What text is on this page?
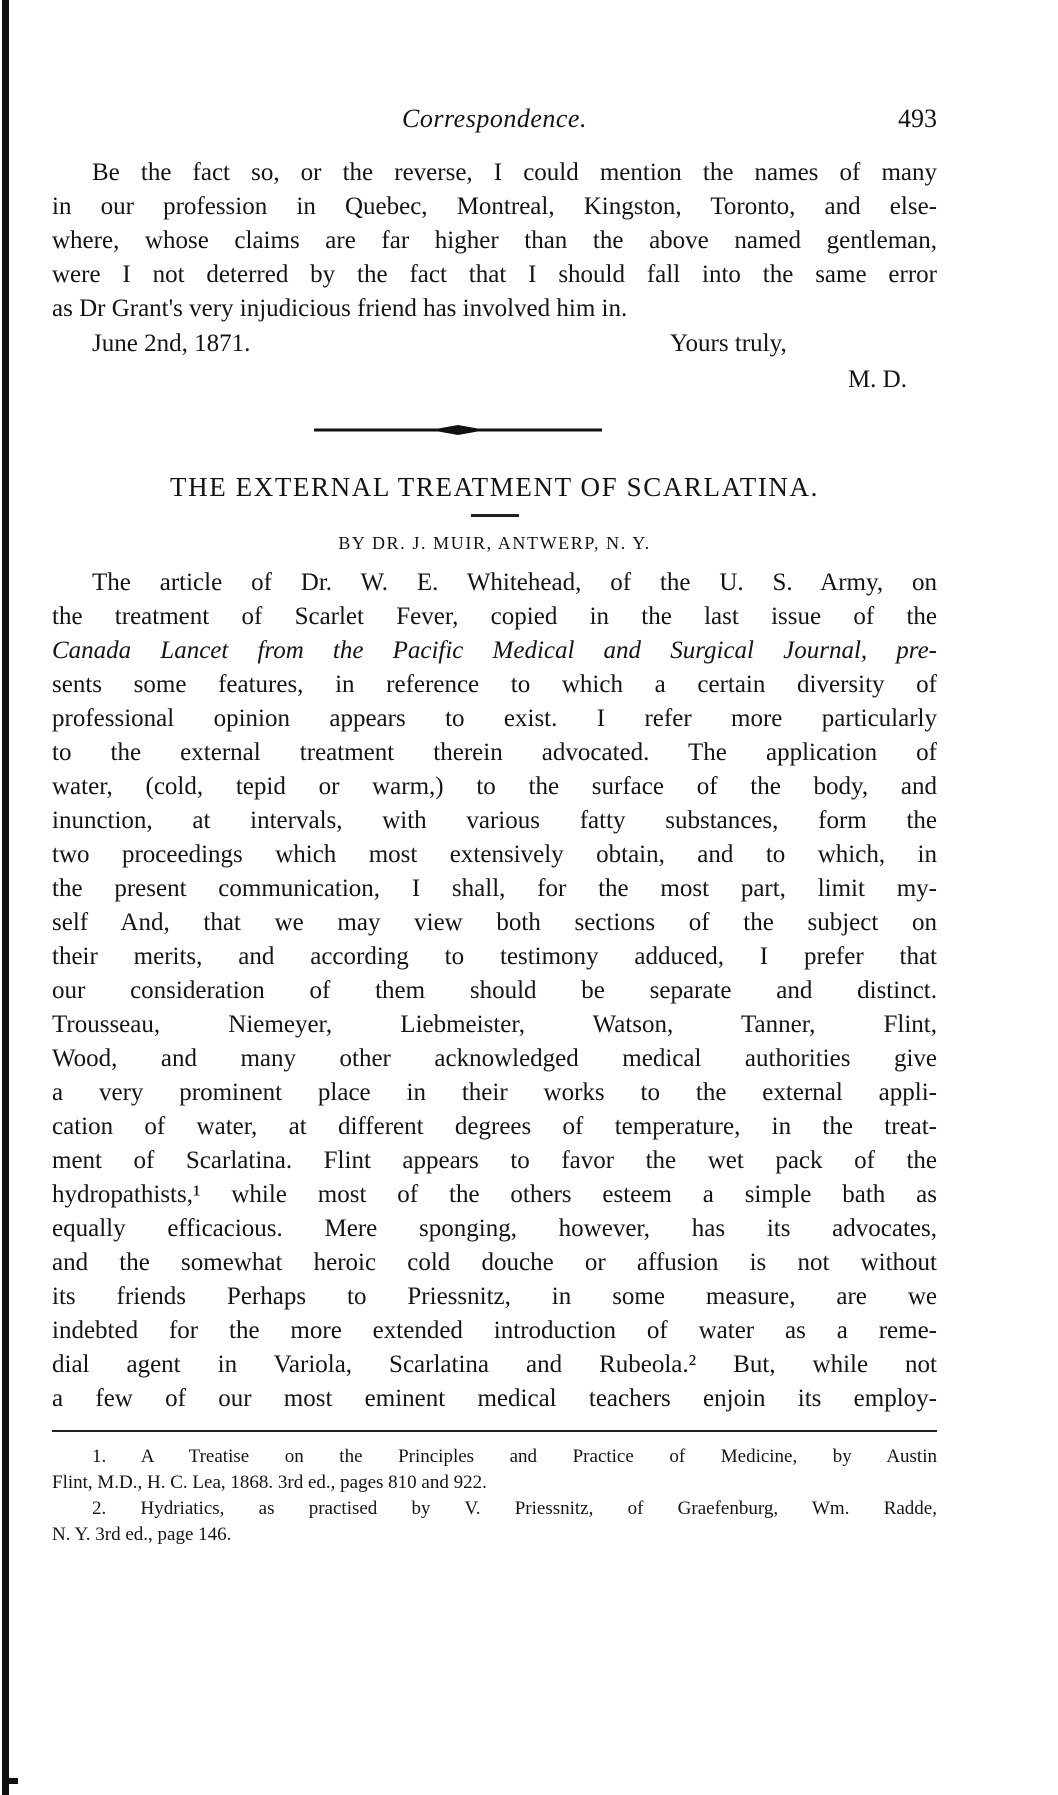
Correspondence.	493
Be the fact so, or the reverse, I could mention the names of many
in our profession in Quebec, Montreal, Kingston, Toronto, and else-
where, whose claims are far higher than the above named gentleman,
were I not deterred by the fact that I should fall into the same error
as Dr Grant's very injudicious friend has involved him in.
June 2nd, 1871.	Yours truly,
M. D.
THE EXTERNAL TREATMENT OF SCARLATINA.
BY DR. J. MUIR, ANTWERP, N. Y.
The article of Dr. W. E. Whitehead, of the U. S. Army, on
the treatment of Scarlet Fever, copied in the last issue of the
Canada Lancet from the Pacific Medical and Surgical Journal, pre-
sents some features, in reference to which a certain diversity of
professional opinion appears to exist. I refer more particularly
to the external treatment therein advocated. The application of
water, (cold, tepid or warm,) to the surface of the body, and
inunction, at intervals, with various fatty substances, form the
two proceedings which most extensively obtain, and to which, in
the present communication, I shall, for the most part, limit my-
self And, that we may view both sections of the subject on
their merits, and according to testimony adduced, I prefer that
our consideration of them should be separate and distinct.
Trousseau, Niemeyer, Liebmeister, Watson, Tanner, Flint,
Wood, and many other acknowledged medical authorities give
a very prominent place in their works to the external appli-
cation of water, at different degrees of temperature, in the treat-
ment of Scarlatina. Flint appears to favor the wet pack of the
hydropathists,¹ while most of the others esteem a simple bath as
equally efficacious. Mere sponging, however, has its advocates,
and the somewhat heroic cold douche or affusion is not without
its friends Perhaps to Priessnitz, in some measure, are we
indebted for the more extended introduction of water as a reme-
dial agent in Variola, Scarlatina and Rubeola.² But, while not
a few of our most eminent medical teachers enjoin its employ-
1. A Treatise on the Principles and Practice of Medicine, by Austin
Flint, M.D., H. C. Lea, 1868. 3rd ed., pages 810 and 922.
2. Hydriatics, as practised by V. Priessnitz, of Graefenburg, Wm. Radde,
N. Y. 3rd ed., page 146.
